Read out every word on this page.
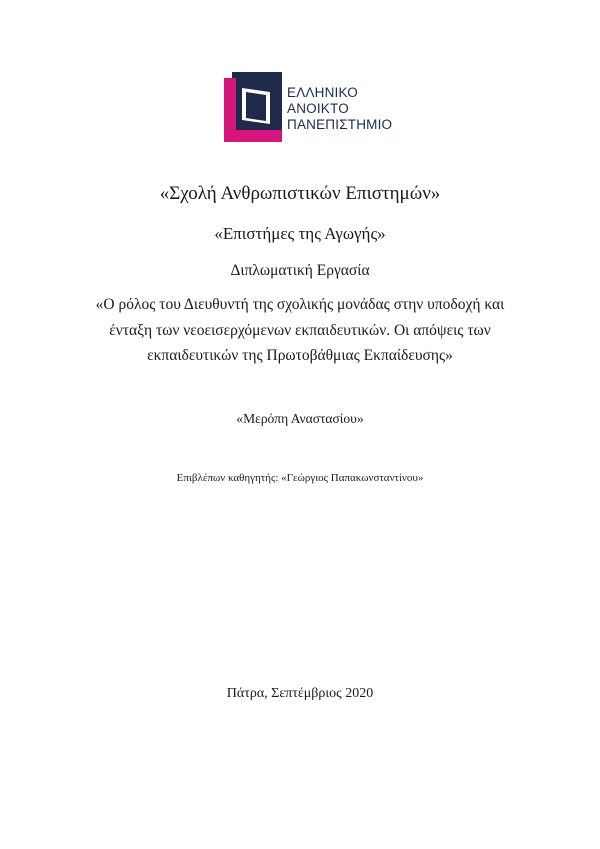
ΕΛΛΗΝΙΚΟ
ΑΝΟΙΚΤΟ
ΠΑΝΕΠΙΣΤΗΜΙΟ
«Σχολή Ανθρωπιστικών Επιστημών»
«Επιστήμες της Αγωγής»
Διπλωματική Εργασία
«Ο ρόλος του Διευθυντή της σχολικής μονάδας στην υποδοχή και
ένταξη των νεοεισερχόμενων εκπαιδευτικών. Οι απόψεις των
εκπαιδευτικών της Πρωτοβάθμιας Εκπαίδευσης»
«Μερόπη Αναστασίου»
Επιβλέπων καθηγητής: «Γεώργιος Παπακωνσταντίνου»
Πάτρα, Σεπτέμβριος 2020
